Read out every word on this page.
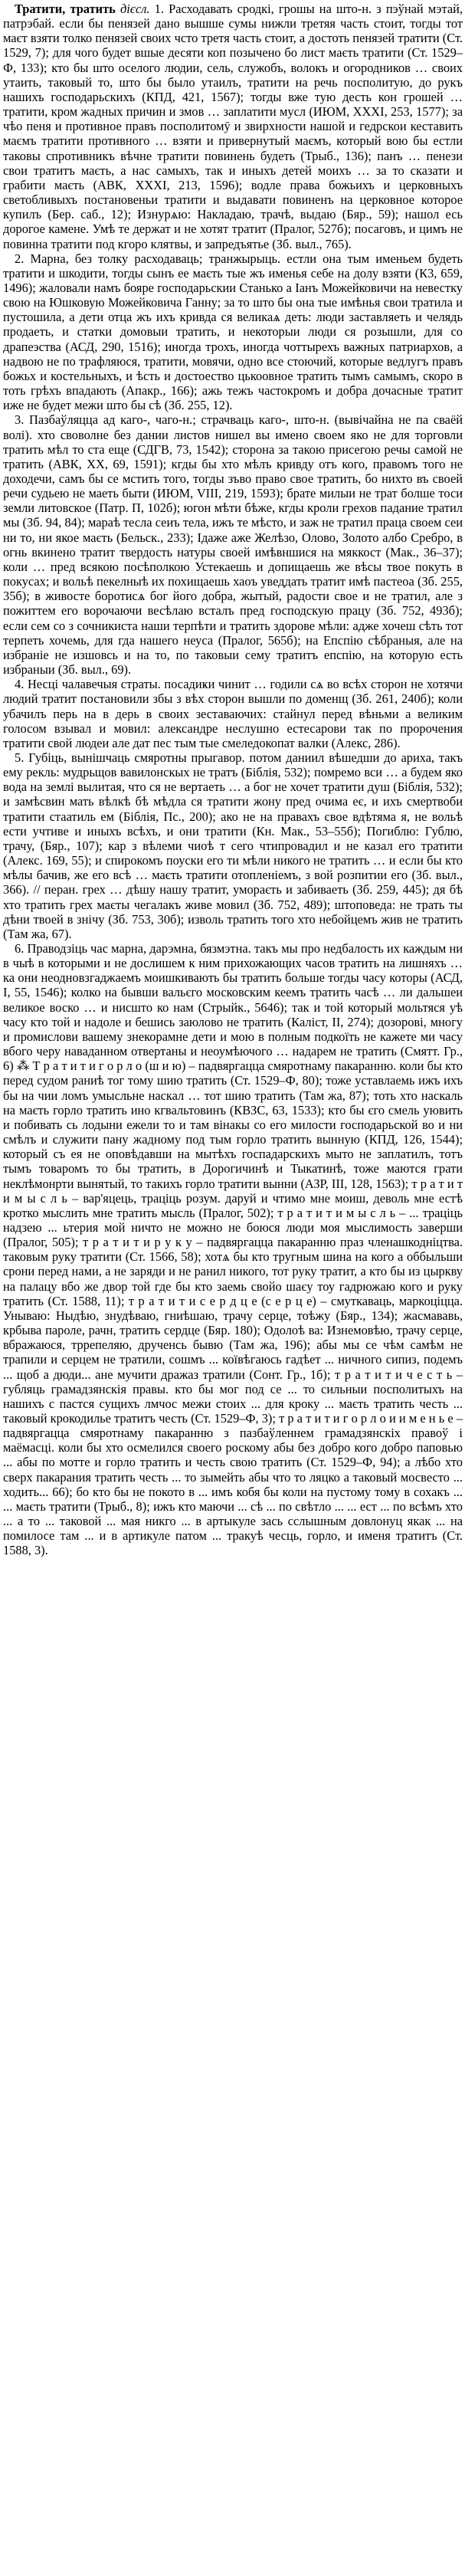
Тратити, тратить дієсл. 1. Расходавать сродкі, грошы на што-н. з пэўнай мэтай, патрэбай. если бы пенязей дано вышше сумы нижли третяя часть стоит, тогды тот маєт взяти толко пенязей своих чсто третя часть стоит, а достоть пенязей тратити (Ст. 1529, 7); для чого будет вшые десяти коп позычено бо лист маєть тратити (Ст. 1529–Ф, 133); кто бы што оселого людии, сель, служобъ, волокъ и огородников … своих утаить, таковый то, што бы было утаилъ, тратити на речь посполитую, до рукъ нашихъ господарьскихъ (КПД, 421, 1567); тогды вже тую десть кон грошей … тратити, кром жадных причин и змов … заплатити мусл (ИЮМ, XXXI, 253, 1577); за чѣо пеня и противное правъ посполитомӯ и звирхности нашой и гедрскои кеставить маємъ тратити противного … взяти и привернутый маємъ, который вою бы естли таковы спротивникъ вѣчне тратити повинень будеть (Трыб., 136); панъ … пенези свои тратитъ маєть, а нас самыхъ, так и иныхъ детей моихъ … за то сказати и грабити маєть (АВК, XXXI, 213, 1596); водле права божьихъ и церковныхъ светобливыхъ постановеньи тратити и выдавати повиненъ на церковное которое купилъ (Бер. саб., 12); Изнурѧю: Накладаю, трачѣ, выдаю (Бяр., 59); нашол есь дорогое камене. Умѣ те держат и не хотят тратит (Пралог, 527б); посаговъ, и цимъ не повинна тратити под кгоро клятвы, и запредъятье (Зб. выл., 765).

2. Марна, без толку расходаваць; транжырыць. естли она тым именьем будеть тратити и шкодити, тогды сынъ ее маєть тые жъ именья себе на долу взяти (К3, 659, 1496); жаловали намъ бояре господарьскии Станько а Iанъ Можейковичи на невестку свою на Юшковую Можейковича Ганну; за то што бы она тые имѣнья свои тратила и пустошила, а дети отца жъ ихъ кривда ся великаѧ деть: люди заставляеть и челядь продаеть, и статки домовыи тратить, и некоторыи люди ся розышли, для со драпеэства (АСД, 290, 1516); иногда трохъ, иногда чоттырехъ важных патриархов, а надвою не по трафляюся, тратити, мовячи, одно все стоючий, которые ведлугъ правъ божьх и костельныхъ, и ѣсть и достоество цькоовное тратить тымъ самымъ, скоро в тоть грѣхъ впадають (Апакр., 166); ажь тежъ частокромъ и добра дочасные тратит иже не будет межи што бы сѣ (Зб. 255, 12).

3. Пазбаўляцца ад каго-, чаго-н.; страчваць каго-, што-н. (вывічайна не па сваёй волі). хто своволне без дании листов нишел вы имено своем яко не для торговли тратить мѣл то ста еще (СДГВ, 73, 1542); сторона за такою присегою речы самой не тратить (АВК, XX, 69, 1591); кгды бы хто мѣлъ кривду отъ кого, правомъ того не доходечи, самъ бы се мстить того, тогды зъво право свое тратить, бо нихто въ своей речи судьею не маеть быти (ИЮМ, VIII, 219, 1593); брате милыи не трат болше тоси земли литовское (Патр. П, 102б); югон мѣти бѣже, кгды кроли грехов падание тратил мы (Зб. 94, 84); мараѣ тесла сеиъ тела, ижъ те мѣсто, и заж не тратил праца своем сеи ни то, ни якое маєть (Бельск., 233); Iдаже аже Желѣзо, Олово, Золото албо Сребро, в огнь вкинено тратит твердость натуры своей имѣвншися на мяккост (Мак., 36–37); коли … пред всякою посѣполкою Устекаешь и допищаешь же вѣсы твое покуть в покусах; и вольѣ пекелныѣ их похищаешь хаоъ уведдать тратит имѣ пастеоа (Зб. 255, 35б); в живосте боротисѧ бог його добра, жытый, радости свое и не тратил, але з пожиттем его ворочаючи весѣлаю всталъ пред господскую працу (Зб. 752, 493б); если сем со з сочникиста наши терпѣти и тратить здорове мѣли: адже хочеш сѣть тот терпеть хочемь, для гда нашего неуса (Пралог, 565б); на Епспію сѣбраныя, але на избраніе не изшовсь и на то, по таковыи сему тратитъ епспію, на которую есть избраныи (Зб. выл., 69).

4. Несці чалавечыя страты. посадиҝи чинит … годили сѧ во всѣх сторон не хотячи людий тратит постановили збы з вѣх сторон вышли по доменщ (Зб. 261, 240б); коли убачилъ перь на в дерь в своих зеставаючих: стайнул перед вѣньми a великим голосом взывал и мовил: александре неслушно естесарови так по пророчения тратити свой людеи але дат пес тым тые смеледокопат валки (Алекс, 286).

5. Губіць, вынішчаць смяротны прыгавор. потом даниил вѣшедши до ариха, такъ ему рекль: мудрьщов вавилонскых не тратъ (Біблія, 532); помремо вси … а будем яко вода на землі вылитая, что ся не вертаеть … а бог не хочет тратити душ (Біблія, 532); и замѣсвин мать вѣлкѣ бѣ мѣдла ся тратити жону пред очима еє, и ихъ смертвоби тратити стаатиль ем (Біблія, Пс., 200); ако не на правахъ свое вдѣтяма я, не вольѣ ести учтиве и иныхъ всѣхъ, и они тратити (Кн. Мак., 53–55б); Погиблю: Гублю, трачу, (Бяр., 107); кар з вѣлеми чиоѣ т сего чтипровадил и не казал его тратити (Алекс. 169, 55); и спирокомъ поуски его ти мѣли никого не тратить … и если бы кто мѣлы бачив, же его всѣ … маєть тратити отопленіемъ, з вой розпитии его (Зб. выл., 366). // перан. грех … дѣшу нашу тратит, умораєть и забиваеть (Зб. 259, 445); дя бѣ хто тратить грех маєты чегалакъ живе мовил (Зб. 752, 489); штоповеда: не трать ты дѣни твоей в знічу (Зб. 753, 30б); изволь тратить того хто небойцемъ жив не тратить (Там жа, 67).

6. Праводзіць час марна, дарэмна, бязмэтна. такъ мы про недбалость их каждым ни в чыѣ в которыми и не дослишем к ним прихожающих часов тратить на лишняхъ … ка они неодновзгаджаемъ моишкивають бы тратить больше тогды часу которы (АСД, I, 55, 1546); колко на бывши вальєго московским кеемъ тратить часѣ … ли дальшеи великое воско … и нисшто ко нам (Стрыйк., 5646); так и той который мольтяся уѣ часу кто той и надоле и бешись заюлово не тратить (Каліст, II, 274); дозорові, многу и промислови вашему знекорамне дети и мою в полным подкоїть не кажете ми часу вбого черу наваданном отвертаны и неоумѣючого … надарем не тратить (Смятт. Гр., 6) ⁂ Т р а т и т и г о р л о (ш и ю) – падвяргацца смяротнаму пакаранню. коли бы кто перед судом раниѣ тог тому шию тратить (Ст. 1529–Ф, 80); тоже уставлаемь ижъ ихъ бы на чии ломъ умысльне наскал … тот шию тратить (Там жа, 87); тоть хто наскаль на маєть горло тратить ино кгвальтовинъ (КВЗС, 63, 1533); кто бы єго смель уювить и побивать сь лодыни ежели то и там вінакы со его милости господарьской во и ни смѣлъ и служити пану жадному под тым горло тратить вынную (КПД, 126, 1544); который съ ея не оповѣдавши на мытѣхъ госпадарскихъ мыто не заплатилъ, тотъ тымъ товаромъ то бы тратить, в Дорогичинѣ и Тыкатинѣ, тоже маются грати неклѣмонрти вынятый, то такихъ горло тратити вынни (АЗР, III, 128, 1563); т р а т и т и м ы с л ь – вар'яцець, трацiць розум. даруй и чтимо мне моиш, деволь мне естѣ кротко мыслить мне тратить мысль (Пралог, 502); т р а т и т и м ы с л ь – ... трацiць надзею ... ьтерия мой ничто не можно не боюся люди моя мыслимость заверши (Пралог, 505); т р а т и т и р у к у – падвяргацца пакаранню праз членашкодніцтва. таковым руку тратити (Ст. 1566, 58); хотѧ бы кто тругным шина на кого а оббыльши срони перед нами, а не заряди и не ранил никого, тот руку тратит, а кто бы из цыркву на палацу вбо же двор той где бы кто заемь свойо шаєу тоу гадрюжаю кого и руку тратить (Ст. 1588, 11); т р а т и т и с е р д ц е (с е р ц е) – смуткаваць, маркоціцца. Унываю: Ныдѣю, знудѣваю, гниѣшаю, трачу серце, тоѣжу (Бяр., 134); жасмававь, крбыва пароле, рачн, тратить сердце (Бяр. 180); Одолоѣ ва: Изнемовѣю, трачу серце, вбражаюся, тррепеляю, друченсь бывю (Там жа, 196); абы мы се чѣм самѣм не трапили и серцем не тратили, сошмъ ... коївѣгаюсь гадѣет ... ничного сипиз, подемъ ... щоб а дюди... ане мучити дражаз тратили (Сонт. Гр., 1б); т р а т и т и ч е с т ь – губляць грамадзянскія правы. кто бы мог под се ... то сильныи посполитыхъ на нашихъ с пастся сущихъ лмчос межи стоих ... для кроку ... маєть тратить честь ... таковый крокодилье тратитъ честь (Ст. 1529–Ф, 3); т р а т и т и г о р л о и и м е н ь е – падвяргацца смяротнаму пакаранню з пазбаўленнем грамадзянскіх правоў і маёмасці. коли бы хто осмелился своего роскому абы без добро кого добро паповью ... абы по мотте и горло тратить и честь свою тратить (Ст. 1529–Ф, 94); а лѣбо хто сверх пакарания тратить честь ... то зымейть абы что то ляцко а таковый мосвесто ... ходить... 66); бо кто бы не покото в ... имъ кобя бы коли на пустому тому в сохакъ ... ... маєть тратити (Трыб., 8); ижъ кто маючи ... сѣ ... по свѣтло ... ... ест ... по всѣмъ хто ... а то ... таковой ... мая никго ... в артыкуле зась сслышным довлонуц якак ... на помилосе там ... и в артикуле патом ... тракуѣ чесць, горло, и именя тратитъ (Ст. 1588, 3).
